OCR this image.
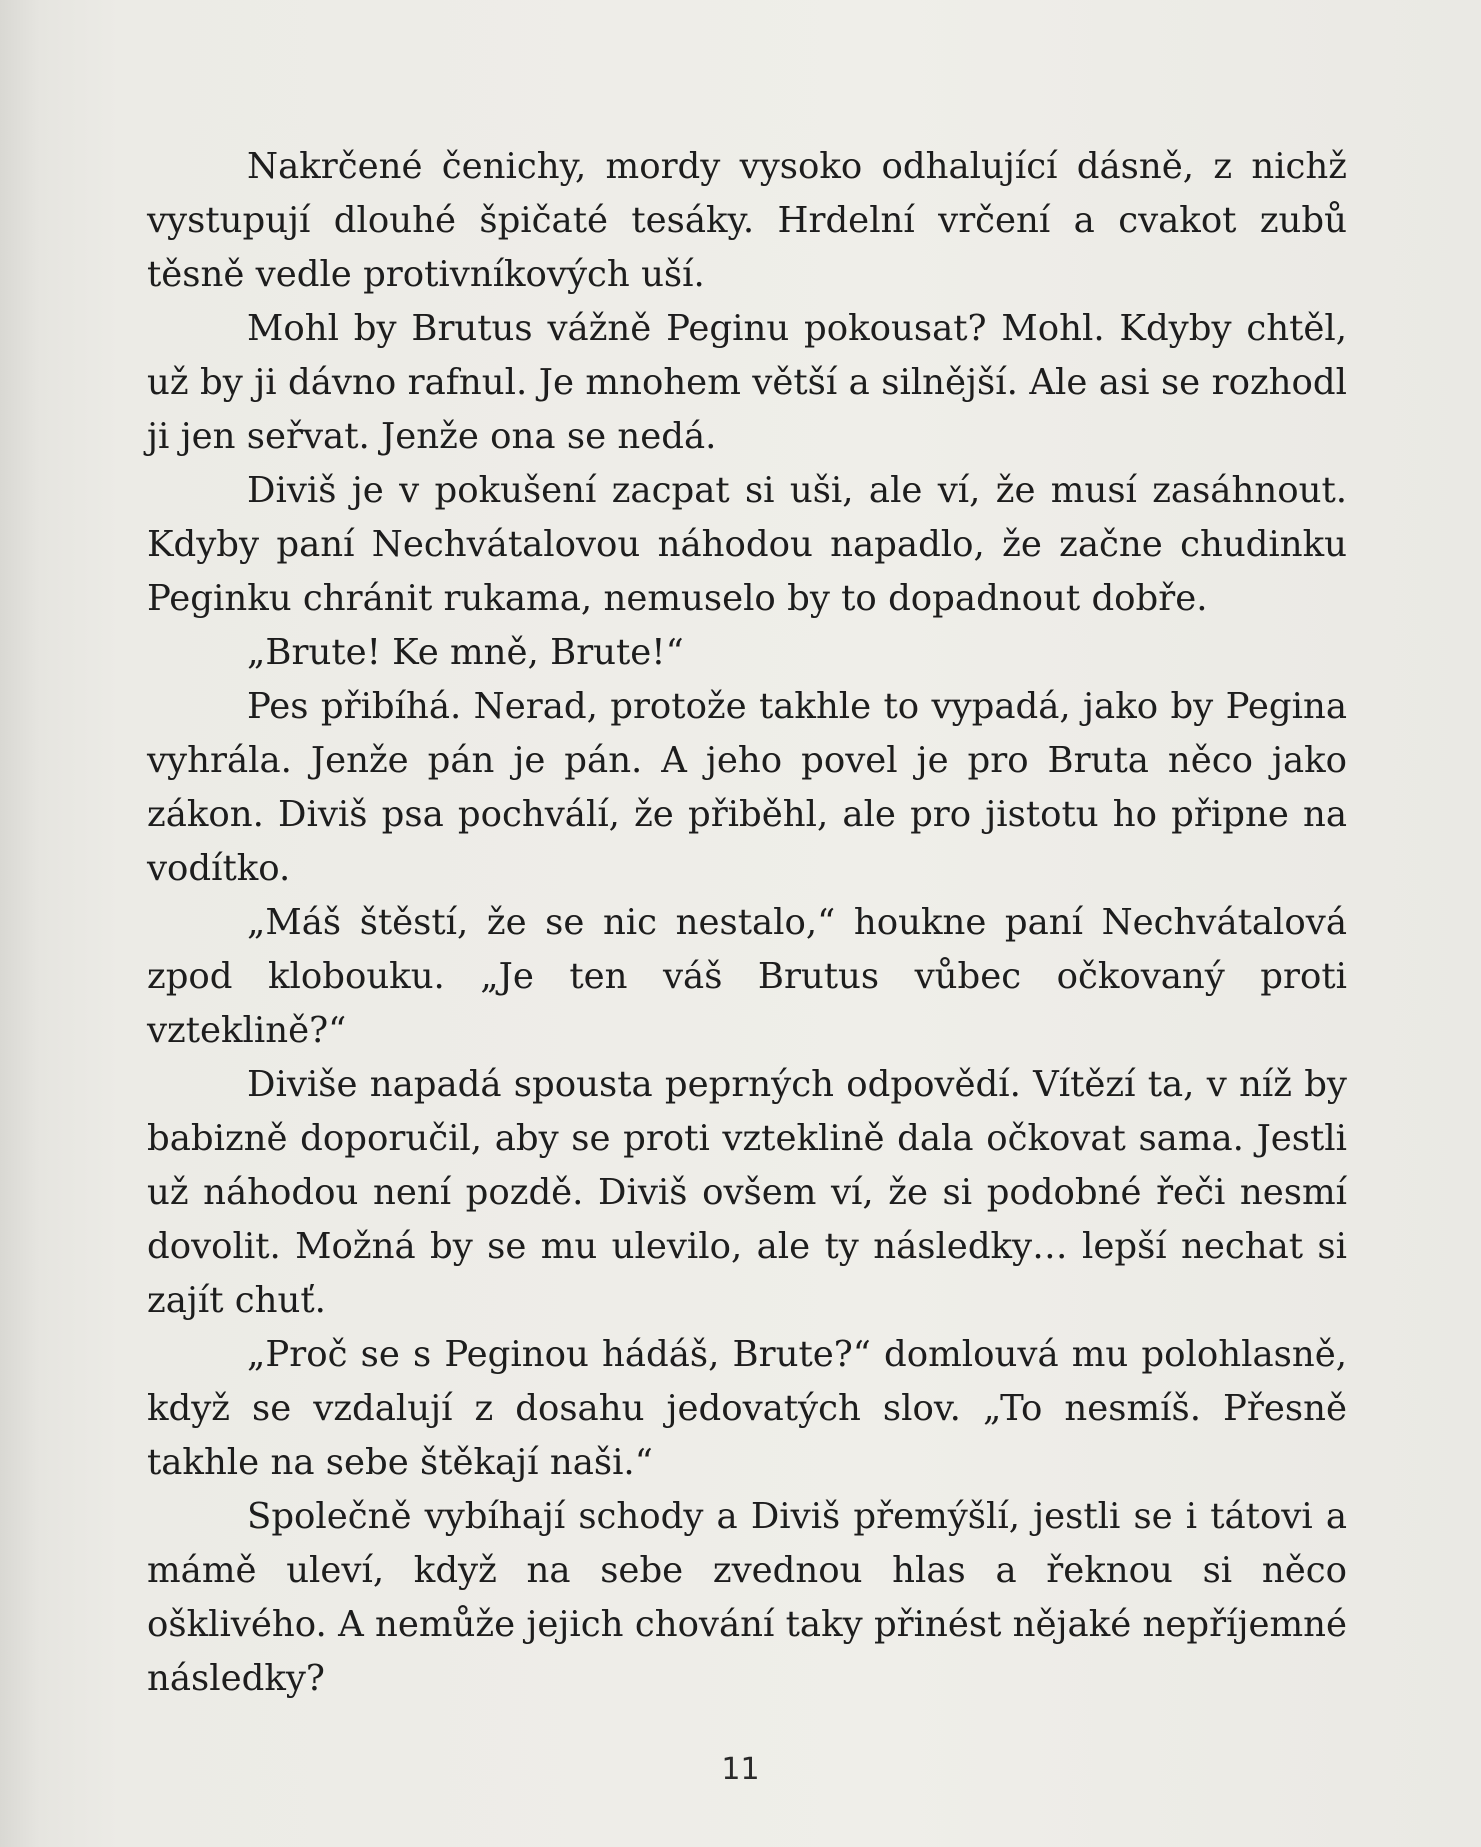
Nakrčené čenichy, mordy vysoko odhalující dásně, z nichž vystupují dlouhé špičaté tesáky. Hrdelní vrčení a cvakot zubů těsně vedle protivníkových uší.

Mohl by Brutus vážně Peginu pokousat? Mohl. Kdyby chtěl, už by ji dávno rafnul. Je mnohem větší a silnější. Ale asi se rozhodl ji jen seřvat. Jenže ona se nedá.

Diviš je v pokušení zacpat si uši, ale ví, že musí zasáhnout. Kdyby paní Nechvátalovou náhodou napadlo, že začne chudinku Peginku chránit rukama, nemuselo by to dopadnout dobře.

„Brute! Ke mně, Brute!“

Pes přibíhá. Nerad, protože takhle to vypadá, jako by Pegina vyhrála. Jenže pán je pán. A jeho povel je pro Bruta něco jako zákon. Diviš psa pochválí, že přiběhl, ale pro jistotu ho připne na vodítko.

„Máš štěstí, že se nic nestalo,“ houkne paní Nechvátalová zpod klobouku. „Je ten váš Brutus vůbec očkovaný proti vzteklině?“

Diviše napadá spousta peprných odpovědí. Vítězí ta, v níž by babizně doporučil, aby se proti vzteklině dala očkovat sama. Jestli už náhodou není pozdě. Diviš ovšem ví, že si podobné řeči nesmí dovolit. Možná by se mu ulevilo, ale ty následky… lepší nechat si zajít chuť.

„Proč se s Peginou hádáš, Brute?“ domlouvá mu polohlasně, když se vzdalují z dosahu jedovatých slov. „To nesmíš. Přesně takhle na sebe štěkají naši.“

Společně vybíhají schody a Diviš přemýšlí, jestli se i tátovi a mámě uleví, když na sebe zvednou hlas a řeknou si něco ošklivého. A nemůže jejich chování taky přinést nějaké nepříjemné následky?

11
